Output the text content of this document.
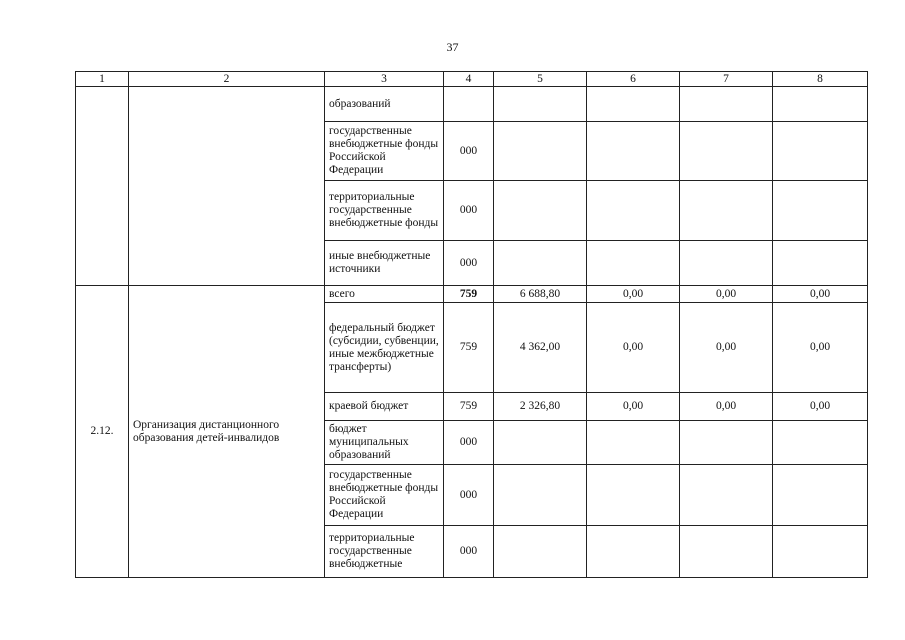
37
1	2	3	4	5	6	7	8
		образований					
		государственные внебюджетные фонды Российской Федерации	000				
		территориальные государственные внебюджетные фонды	000				
		иные внебюджетные источники	000				
2.12.	Организация дистанционного образования детей-инвалидов	всего	759	6 688,80	0,00	0,00	0,00
		федеральный бюджет (субсидии, субвенции, иные межбюджетные трансферты)	759	4 362,00	0,00	0,00	0,00
		краевой бюджет	759	2 326,80	0,00	0,00	0,00
		бюджет муниципальных образований	000				
		государственные внебюджетные фонды Российской Федерации	000				
		территориальные государственные внебюджетные	000				
